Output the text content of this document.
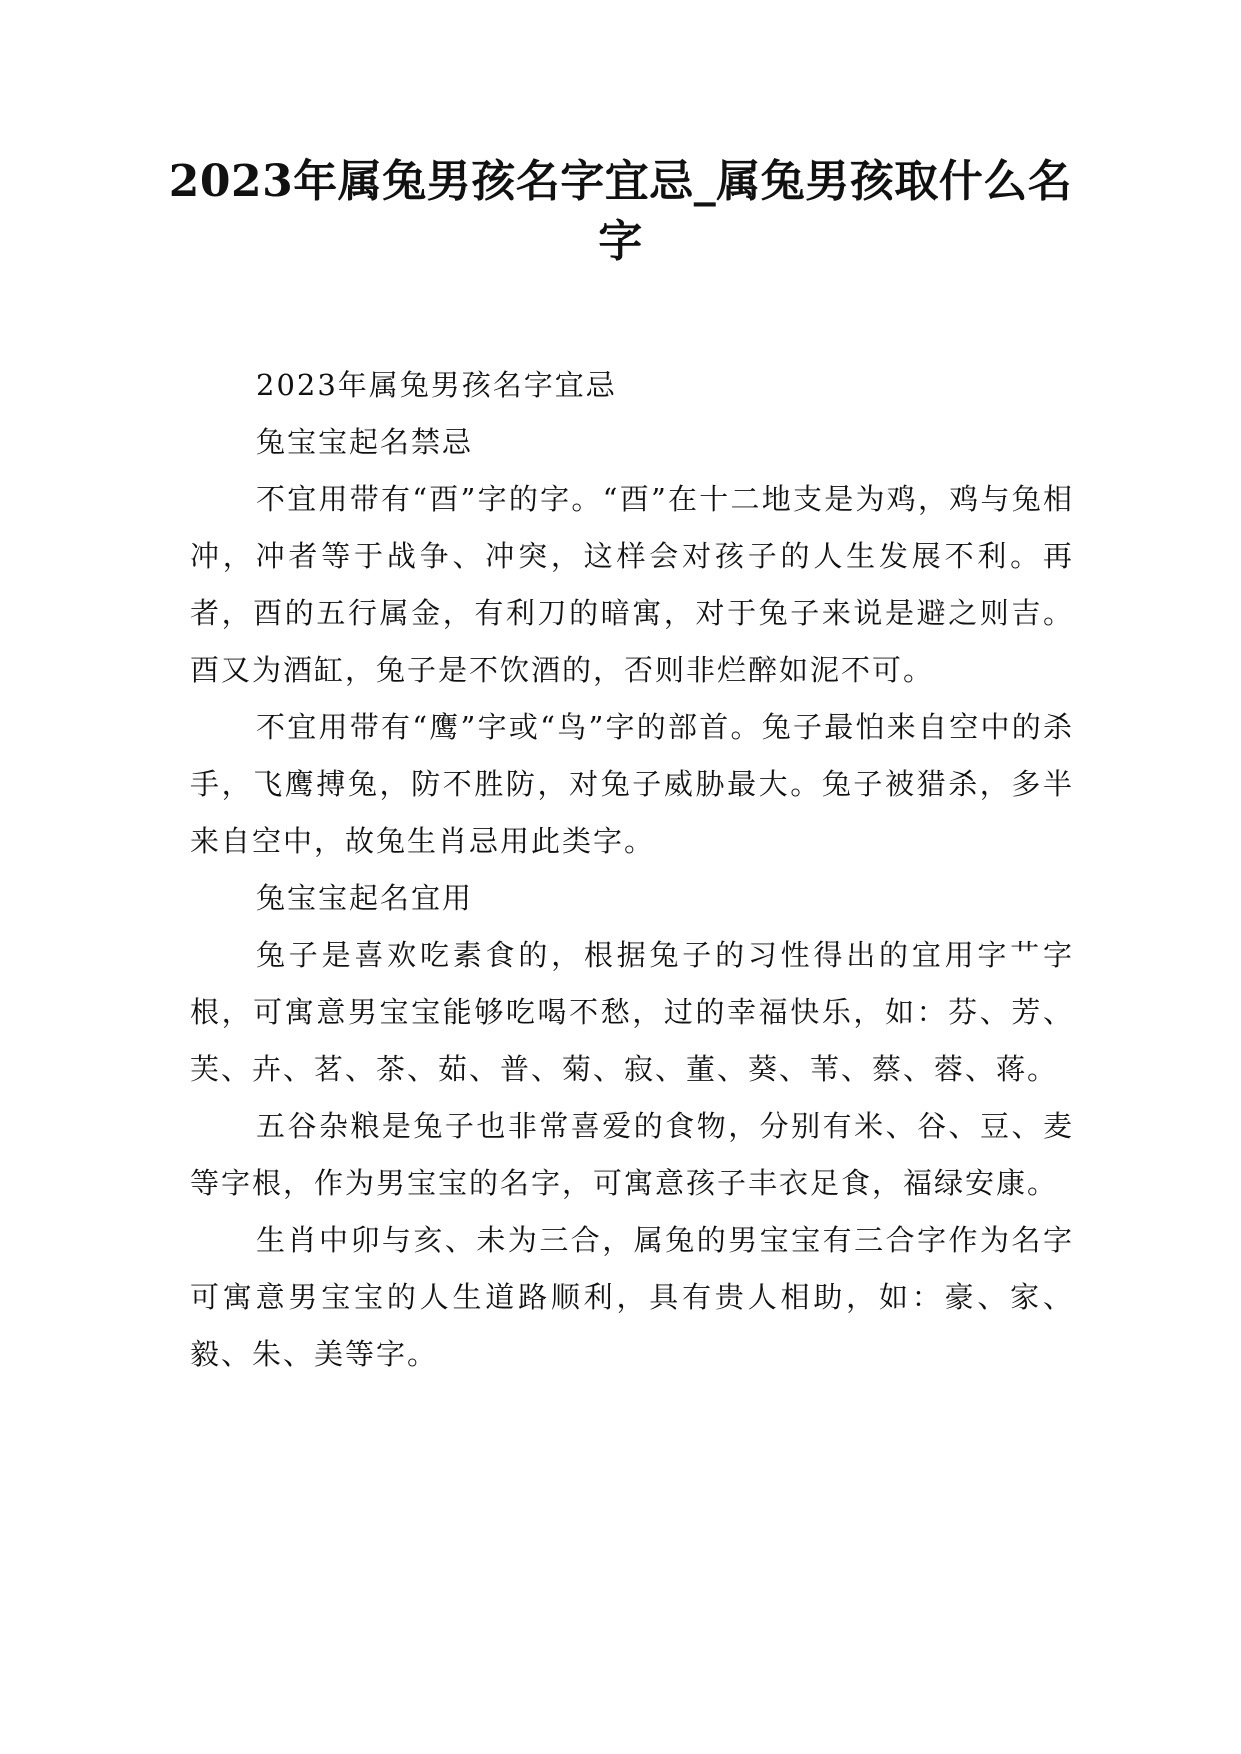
2023年属兔男孩名字宜忌_属兔男孩取什么名字

2023年属兔男孩名字宜忌

兔宝宝起名禁忌

不宜用带有“酉”字的字。“酉”在十二地支是为鸡，鸡与兔相冲，冲者等于战争、冲突，这样会对孩子的人生发展不利。再者，酉的五行属金，有利刀的暗寓，对于兔子来说是避之则吉。酉又为酒缸，兔子是不饮酒的，否则非烂醉如泥不可。

不宜用带有“鹰”字或“鸟”字的部首。兔子最怕来自空中的杀手，飞鹰搏兔，防不胜防，对兔子威胁最大。兔子被猎杀，多半来自空中，故兔生肖忌用此类字。

兔宝宝起名宜用

兔子是喜欢吃素食的，根据兔子的习性得出的宜用字艹字根，可寓意男宝宝能够吃喝不愁，过的幸福快乐，如：芬、芳、芙、卉、茗、茶、茹、普、菊、寂、董、葵、苇、蔡、蓉、蒋。

五谷杂粮是兔子也非常喜爱的食物，分别有米、谷、豆、麦等字根，作为男宝宝的名字，可寓意孩子丰衣足食，福绿安康。

生肖中卯与亥、未为三合，属兔的男宝宝有三合字作为名字可寓意男宝宝的人生道路顺利，具有贵人相助，如：豪、家、毅、朱、美等字。
